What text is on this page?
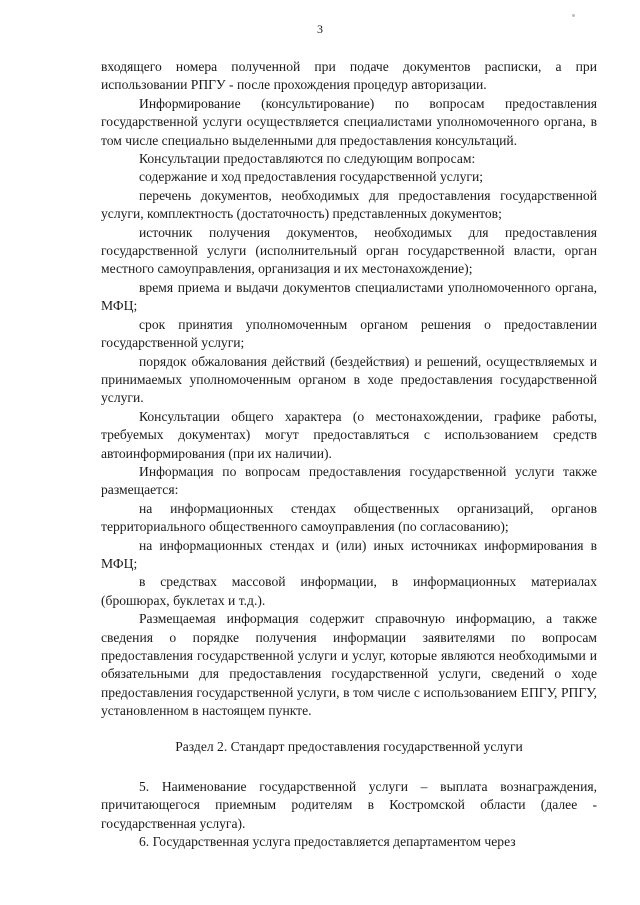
3

входящего номера полученной при подаче документов расписки, а при использовании РПГУ - после прохождения процедур авторизации.

Информирование (консультирование) по вопросам предоставления государственной услуги осуществляется специалистами уполномоченного органа, в том числе специально выделенными для предоставления консультаций.

Консультации предоставляются по следующим вопросам:

содержание и ход предоставления государственной услуги;

перечень документов, необходимых для предоставления государственной услуги, комплектность (достаточность) представленных документов;

источник получения документов, необходимых для предоставления государственной услуги (исполнительный орган государственной власти, орган местного самоуправления, организация и их местонахождение);

время приема и выдачи документов специалистами уполномоченного органа, МФЦ;

срок принятия уполномоченным органом решения о предоставлении государственной услуги;

порядок обжалования действий (бездействия) и решений, осуществляемых и принимаемых уполномоченным органом в ходе предоставления государственной услуги.

Консультации общего характера (о местонахождении, графике работы, требуемых документах) могут предоставляться с использованием средств автоинформирования (при их наличии).

Информация по вопросам предоставления государственной услуги также размещается:

на информационных стендах общественных организаций, органов территориального общественного самоуправления (по согласованию);

на информационных стендах и (или) иных источниках информирования в МФЦ;

в средствах массовой информации, в информационных материалах (брошюрах, буклетах и т.д.).

Размещаемая информация содержит справочную информацию, а также сведения о порядке получения информации заявителями по вопросам предоставления государственной услуги и услуг, которые являются необходимыми и обязательными для предоставления государственной услуги, сведений о ходе предоставления государственной услуги, в том числе с использованием ЕПГУ, РПГУ, установленном в настоящем пункте.

Раздел 2. Стандарт предоставления государственной услуги

5. Наименование государственной услуги – выплата вознаграждения, причитающегося приемным родителям в Костромской области (далее - государственная услуга).

6. Государственная услуга предоставляется департаментом через
